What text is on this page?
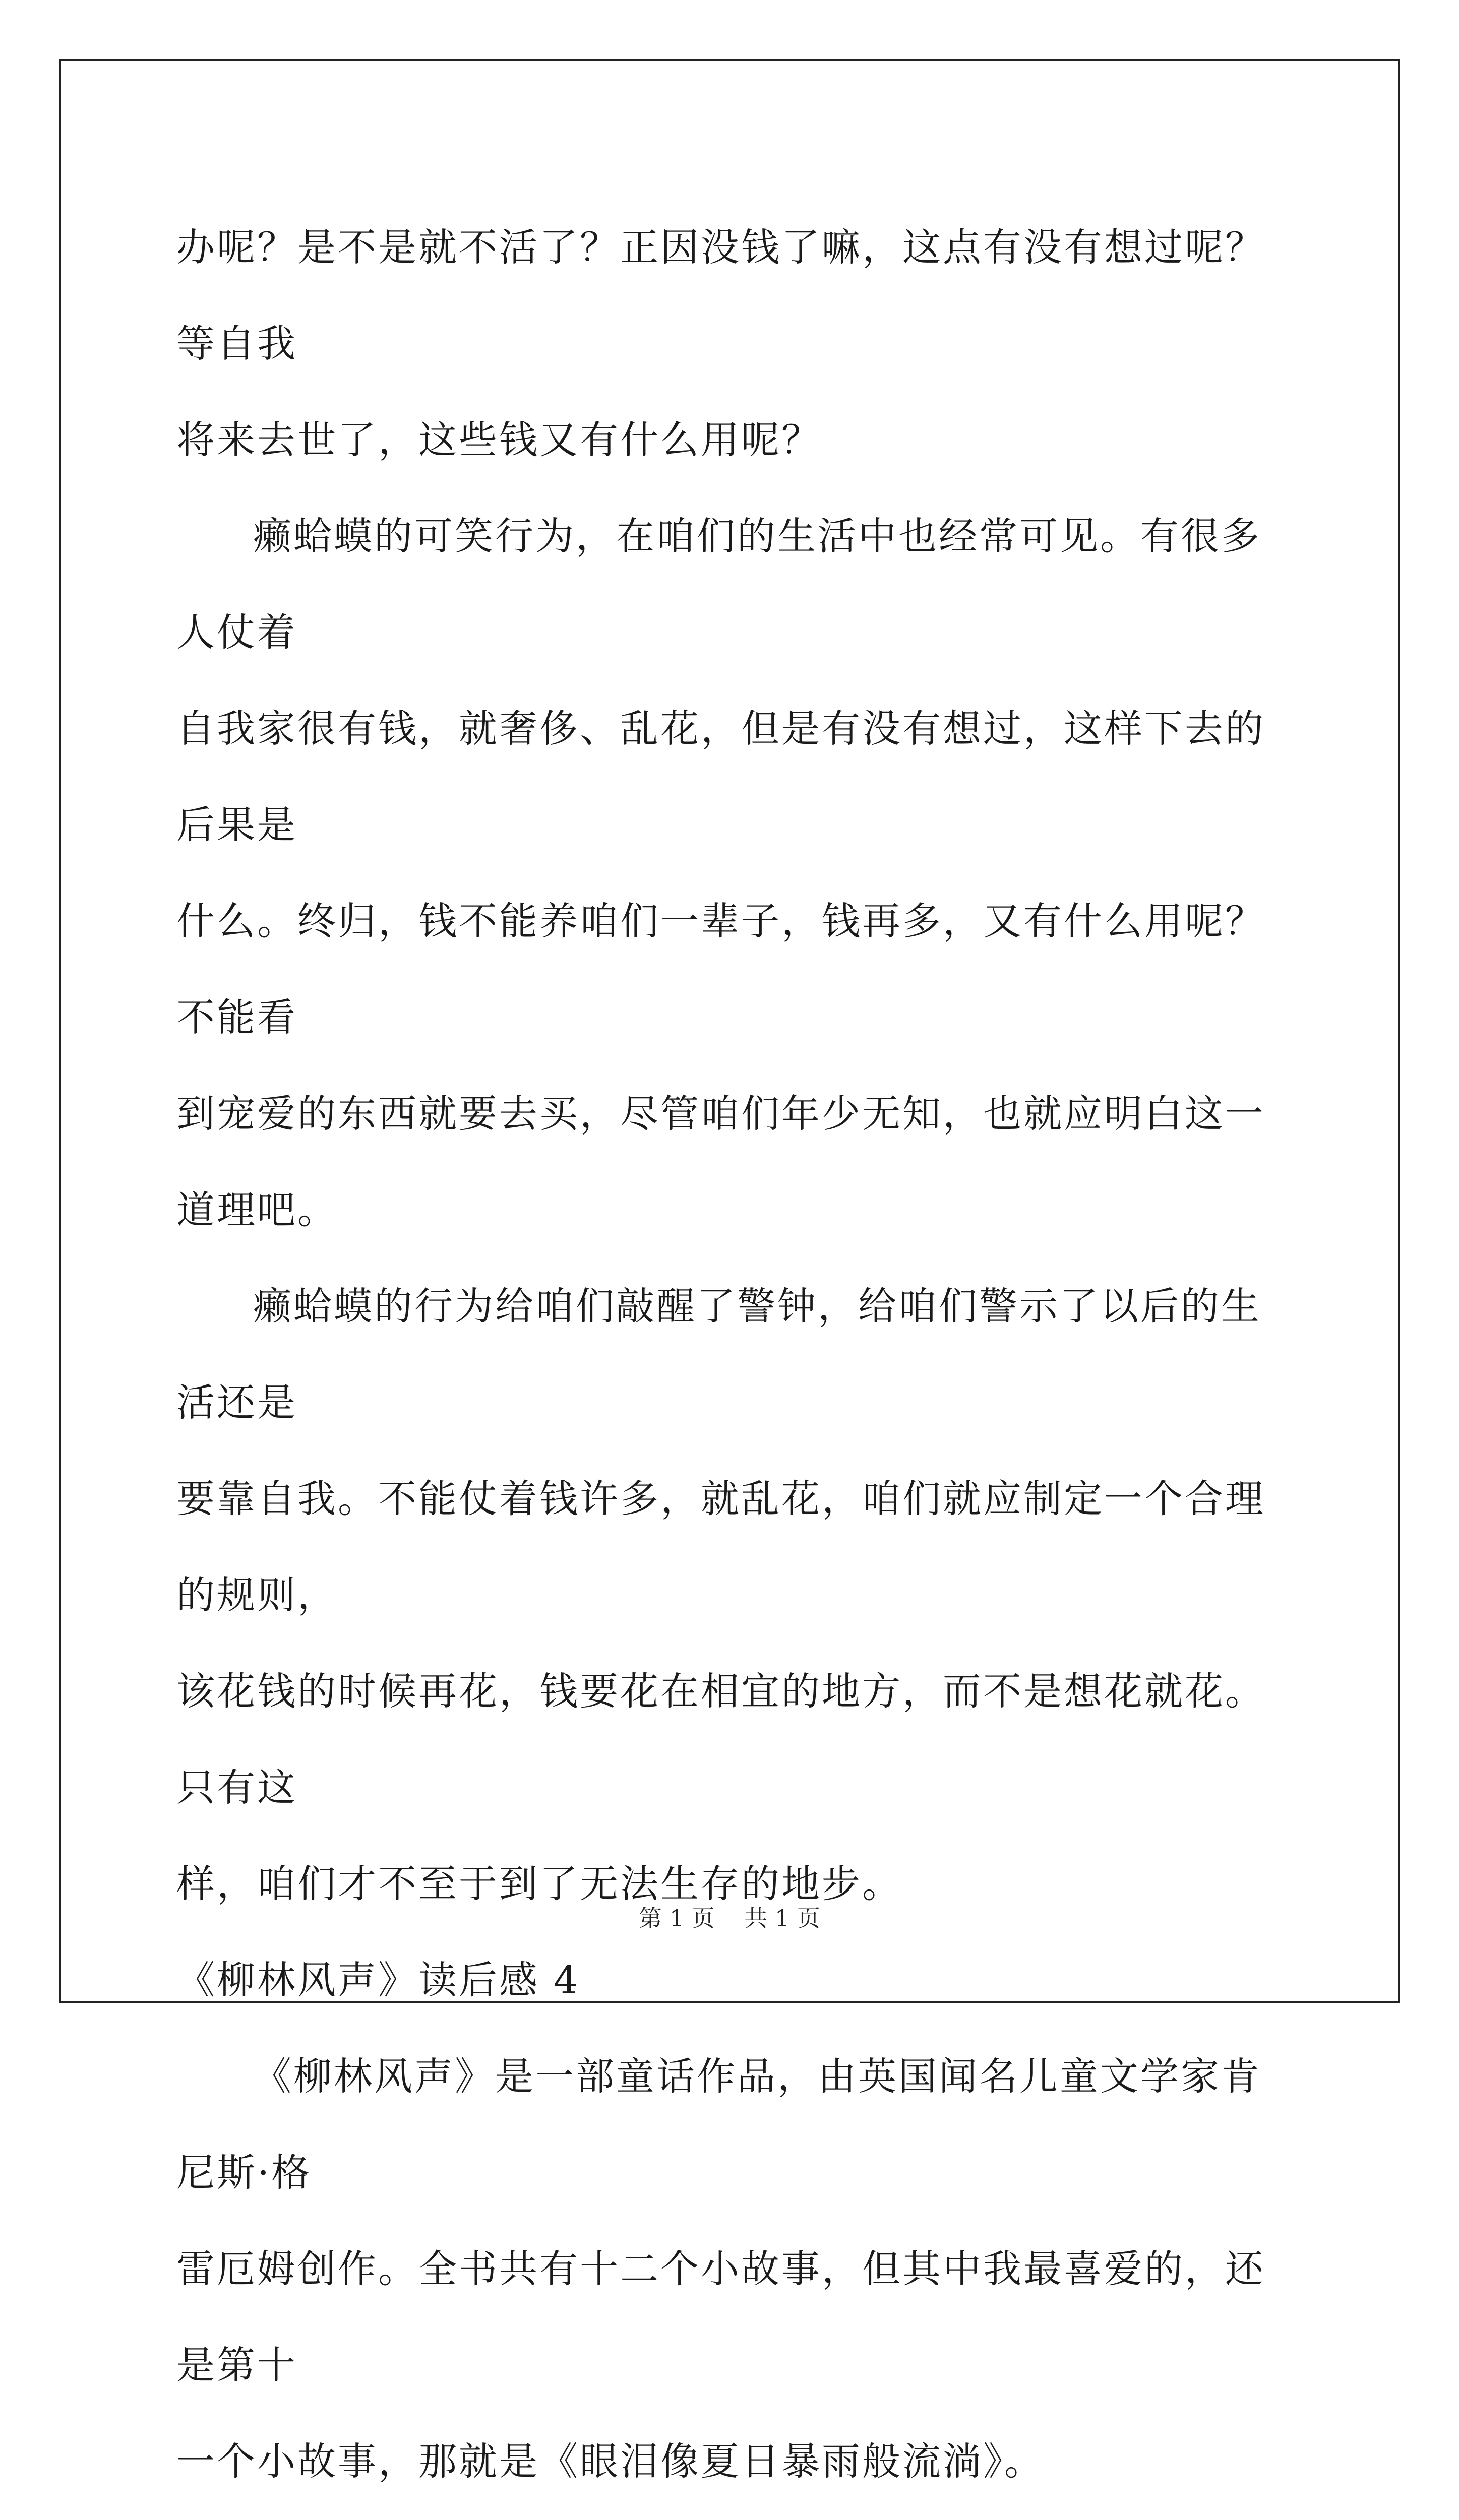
办呢？是不是就不活了？正因没钱了嘛，这点有没有想过呢？等自我
将来去世了，这些钱又有什么用呢？

癞蛤蟆的可笑行为，在咱们的生活中也经常可见。有很多人仗着
自我家很有钱，就奢侈、乱花，但是有没有想过，这样下去的后果是
什么。终归，钱不能养咱们一辈子，钱再多，又有什么用呢？不能看
到宠爱的东西就要去买，尽管咱们年少无知，也就应明白这一道理吧。

癞蛤蟆的行为给咱们敲醒了警钟，给咱们警示了以后的生活还是
要靠自我。不能仗着钱许多，就乱花，咱们就应制定一个合理的规则，
该花钱的时候再花，钱要花在相宜的地方，而不是想花就花。只有这
样，咱们才不至于到了无法生存的地步。

《柳林风声》读后感 4

《柳林风声》是一部童话作品，由英国闻名儿童文学家肯尼斯·格
雷厄姆创作。全书共有十二个小故事，但其中我最喜爱的，还是第十
一个小故事，那就是《眼泪像夏日暴雨般流淌》。

第 1 页 共 1 页
